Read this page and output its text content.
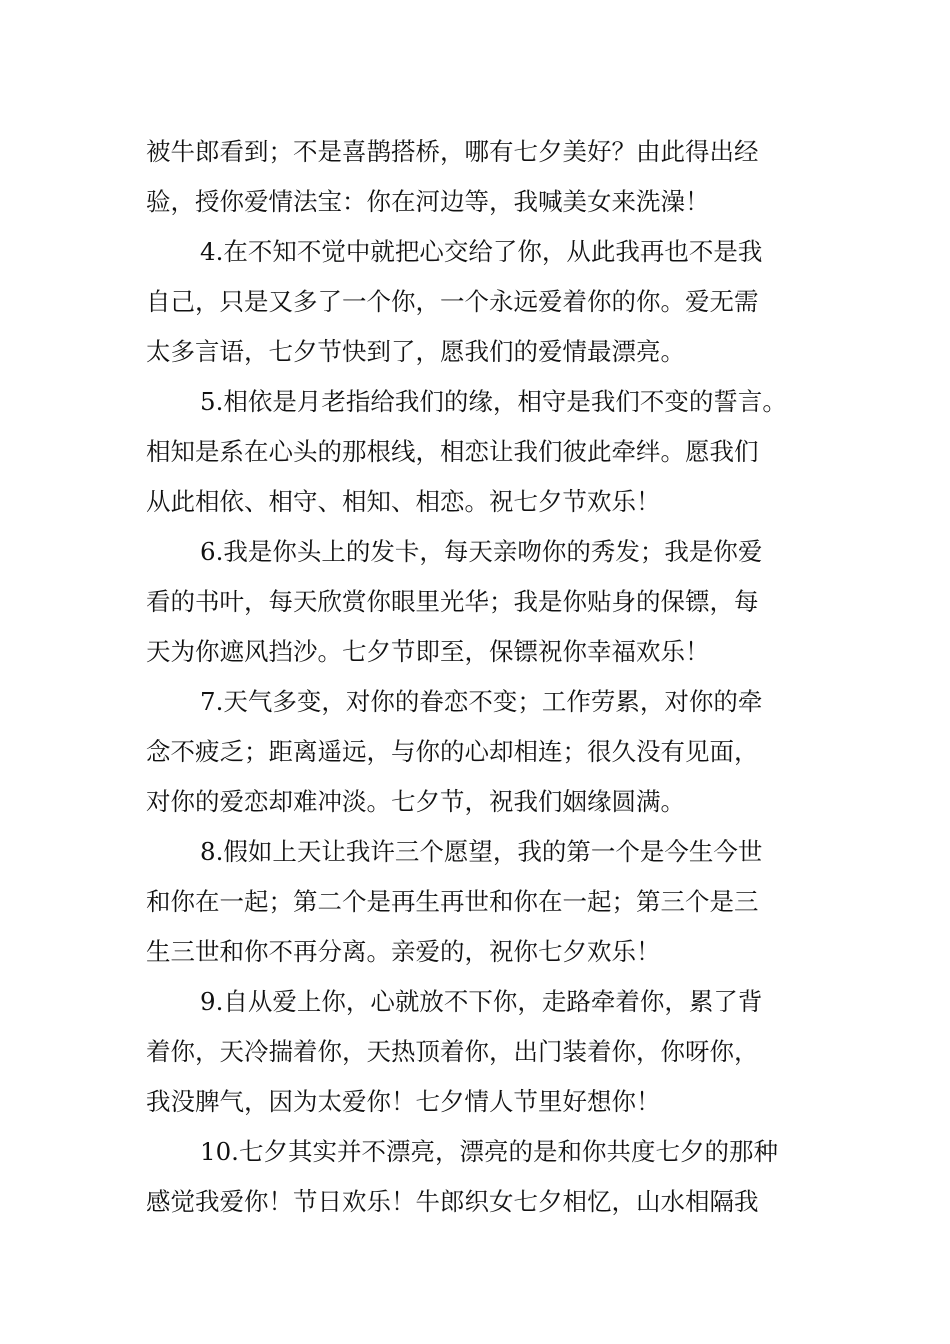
被牛郎看到；不是喜鹊搭桥，哪有七夕美好？由此得出经
验，授你爱情法宝：你在河边等，我喊美女来洗澡！
4.在不知不觉中就把心交给了你，从此我再也不是我
自己，只是又多了一个你，一个永远爱着你的你。爱无需
太多言语，七夕节快到了，愿我们的爱情最漂亮。
5.相依是月老指给我们的缘，相守是我们不变的誓言。
相知是系在心头的那根线，相恋让我们彼此牵绊。愿我们
从此相依、相守、相知、相恋。祝七夕节欢乐！
6.我是你头上的发卡，每天亲吻你的秀发；我是你爱
看的书叶，每天欣赏你眼里光华；我是你贴身的保镖，每
天为你遮风挡沙。七夕节即至，保镖祝你幸福欢乐！
7.天气多变，对你的眷恋不变；工作劳累，对你的牵
念不疲乏；距离遥远，与你的心却相连；很久没有见面，
对你的爱恋却难冲淡。七夕节，祝我们姻缘圆满。
8.假如上天让我许三个愿望，我的第一个是今生今世
和你在一起；第二个是再生再世和你在一起；第三个是三
生三世和你不再分离。亲爱的，祝你七夕欢乐！
9.自从爱上你，心就放不下你，走路牵着你，累了背
着你，天冷揣着你，天热顶着你，出门装着你，你呀你，
我没脾气，因为太爱你！七夕情人节里好想你！
10.七夕其实并不漂亮，漂亮的是和你共度七夕的那种
感觉我爱你！节日欢乐！牛郎织女七夕相忆，山水相隔我
